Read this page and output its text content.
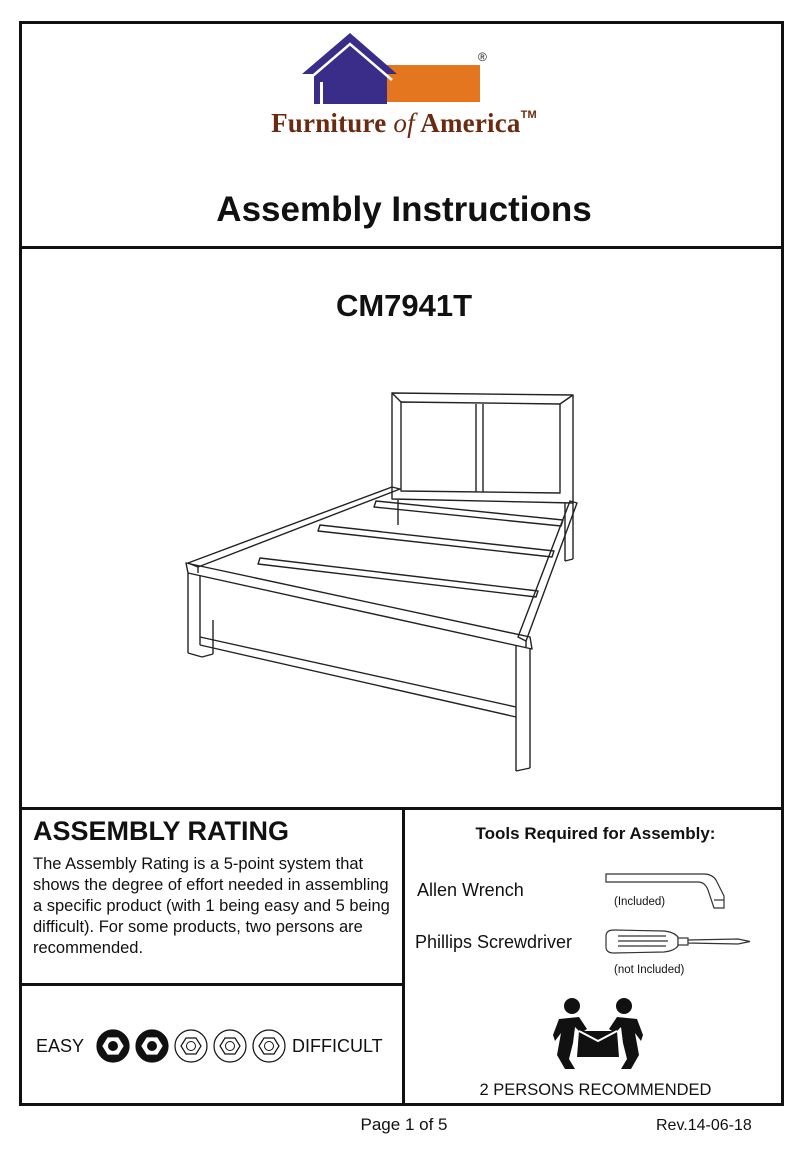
®
Furniture of America™
Assembly Instructions
CM7941T
ASSEMBLY RATING
The Assembly Rating is a 5-point system that shows the degree of effort needed in assembling a specific product (with 1 being easy and 5 being difficult). For some products, two persons are recommended.
EASY	DIFFICULT
Tools Required for Assembly:
Allen Wrench
(Included)
Phillips Screwdriver
(not Included)
2 PERSONS RECOMMENDED
Page 1 of 5	Rev.14-06-18
